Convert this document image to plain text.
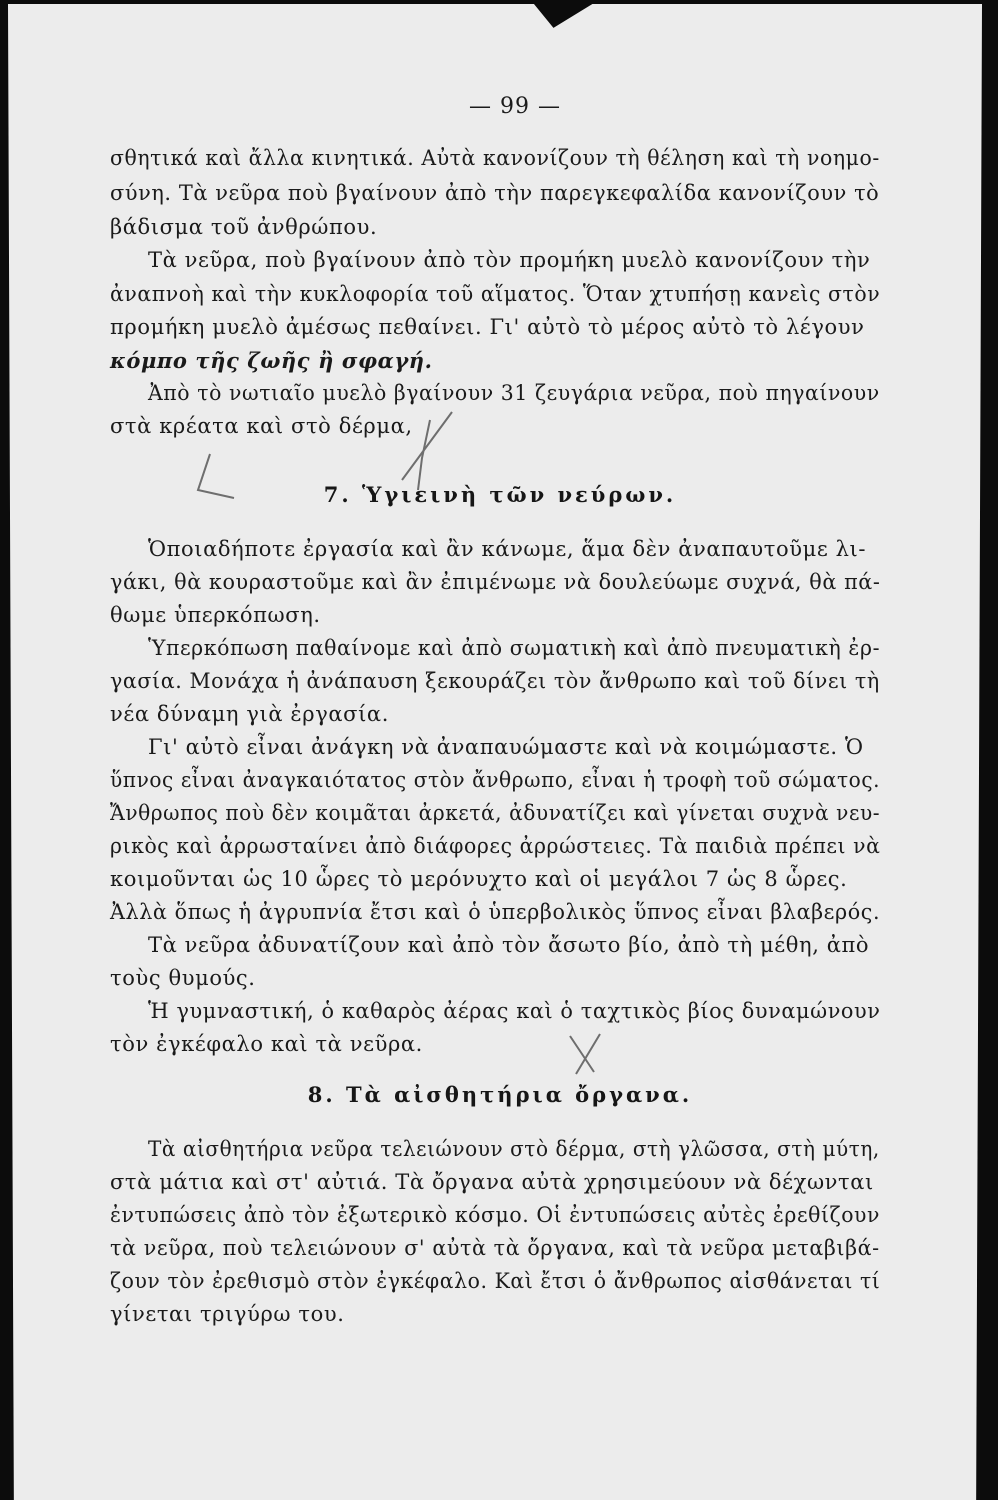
— 99 —
σθητικά καὶ ἄλλα κινητικά. Αὐτὰ κανονίζουν τὴ θέληση καὶ τὴ νοημο-
σύνη. Τὰ νεῦρα ποὺ βγαίνουν ἀπὸ τὴν παρεγκεφαλίδα κανονίζουν τὸ
βάδισμα τοῦ ἀνθρώπου.
Τὰ νεῦρα, ποὺ βγαίνουν ἀπὸ τὸν προμήκη μυελὸ κανονίζουν τὴν
ἀναπνοὴ καὶ τὴν κυκλοφορία τοῦ αἵματος. Ὅταν χτυπήσῃ κανεὶς στὸν
προμήκη μυελὸ ἀμέσως πεθαίνει. Γι' αὐτὸ τὸ μέρος αὐτὸ τὸ λέγουν
κόμπο τῆς ζωῆς ἢ σφαγή.
Ἀπὸ τὸ νωτιαῖο μυελὸ βγαίνουν 31 ζευγάρια νεῦρα, ποὺ πηγαίνουν
στὰ κρέατα καὶ στὸ δέρμα,
7. Ὑγιεινὴ τῶν νεύρων.
Ὁποιαδήποτε ἐργασία καὶ ἂν κάνωμε, ἅμα δὲν ἀναπαυτοῦμε λι-
γάκι, θὰ κουραστοῦμε καὶ ἂν ἐπιμένωμε νὰ δουλεύωμε συχνά, θὰ πά-
θωμε ὑπερκόπωση.
Ὑπερκόπωση παθαίνομε καὶ ἀπὸ σωματικὴ καὶ ἀπὸ πνευματικὴ ἐρ-
γασία. Μονάχα ἡ ἀνάπαυση ξεκουράζει τὸν ἄνθρωπο καὶ τοῦ δίνει τὴ
νέα δύναμη γιὰ ἐργασία.
Γι' αὐτὸ εἶναι ἀνάγκη νὰ ἀναπαυώμαστε καὶ νὰ κοιμώμαστε. Ὁ
ὕπνος εἶναι ἀναγκαιότατος στὸν ἄνθρωπο, εἶναι ἡ τροφὴ τοῦ σώματος.
Ἄνθρωπος ποὺ δὲν κοιμᾶται ἀρκετά, ἀδυνατίζει καὶ γίνεται συχνὰ νευ-
ρικὸς καὶ ἀρρωσταίνει ἀπὸ διάφορες ἀρρώστειες. Τὰ παιδιὰ πρέπει νὰ
κοιμοῦνται ὡς 10 ὧρες τὸ μερόνυχτο καὶ οἱ μεγάλοι 7 ὡς 8 ὧρες.
Ἀλλὰ ὅπως ἡ ἀγρυπνία ἔτσι καὶ ὁ ὑπερβολικὸς ὕπνος εἶναι βλαβερός.
Τὰ νεῦρα ἀδυνατίζουν καὶ ἀπὸ τὸν ἄσωτο βίο, ἀπὸ τὴ μέθη, ἀπὸ
τοὺς θυμούς.
Ἡ γυμναστική, ὁ καθαρὸς ἀέρας καὶ ὁ ταχτικὸς βίος δυναμώνουν
τὸν ἐγκέφαλο καὶ τὰ νεῦρα.
8. Τὰ αἰσθητήρια ὄργανα.
Τὰ αἰσθητήρια νεῦρα τελειώνουν στὸ δέρμα, στὴ γλῶσσα, στὴ μύτη,
στὰ μάτια καὶ στ' αὐτιά. Τὰ ὄργανα αὐτὰ χρησιμεύουν νὰ δέχωνται
ἐντυπώσεις ἀπὸ τὸν ἐξωτερικὸ κόσμο. Οἱ ἐντυπώσεις αὐτὲς ἐρεθίζουν
τὰ νεῦρα, ποὺ τελειώνουν σ' αὐτὰ τὰ ὄργανα, καὶ τὰ νεῦρα μεταβιβά-
ζουν τὸν ἐρεθισμὸ στὸν ἐγκέφαλο. Καὶ ἔτσι ὁ ἄνθρωπος αἰσθάνεται τί
γίνεται τριγύρω του.
